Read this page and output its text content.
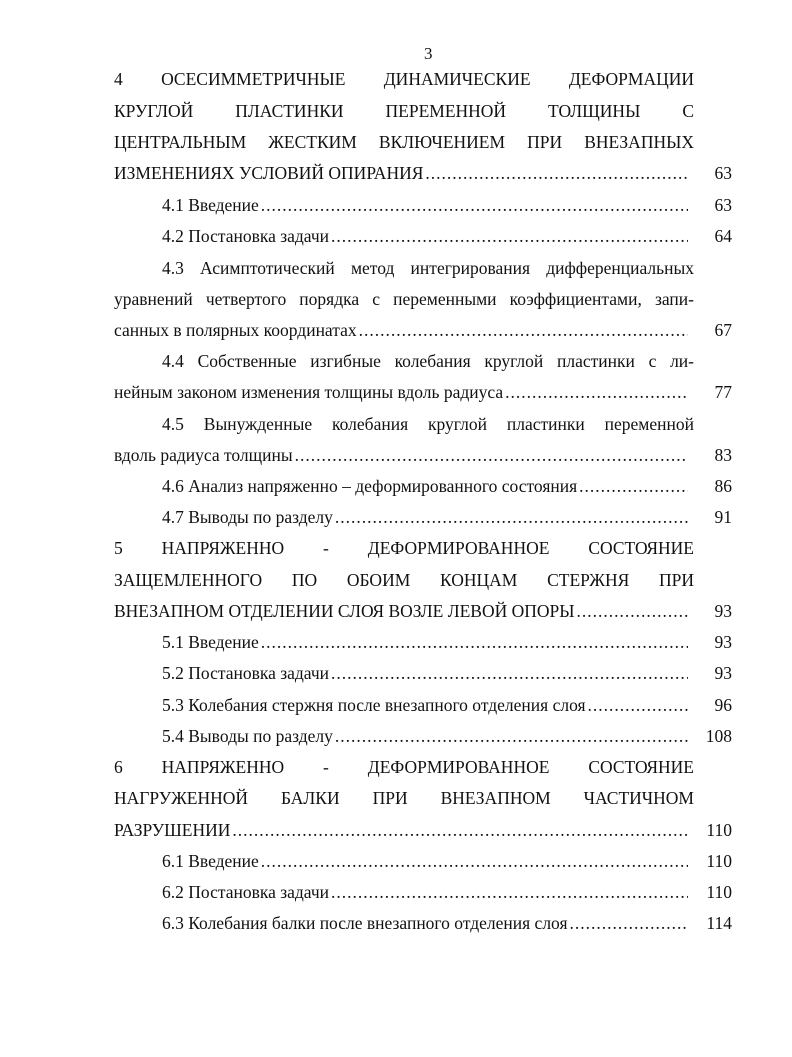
3
4 ОСЕСИММЕТРИЧНЫЕ ДИНАМИЧЕСКИЕ ДЕФОРМАЦИИ
КРУГЛОЙ ПЛАСТИНКИ ПЕРЕМЕННОЙ ТОЛЩИНЫ С
ЦЕНТРАЛЬНЫМ ЖЕСТКИМ ВКЛЮЧЕНИЕМ ПРИ ВНЕЗАПНЫХ
ИЗМЕНЕНИЯХ УСЛОВИЙ ОПИРАНИЯ .....	63
4.1 Введение .....	63
4.2 Постановка задачи .....	64
4.3 Асимптотический метод интегрирования дифференциальных
уравнений четвертого порядка с переменными коэффициентами, запи-
санных в полярных координатах .....	67
4.4 Собственные изгибные колебания круглой пластинки с ли-
нейным законом изменения толщины вдоль радиуса .....	77
4.5 Вынужденные колебания круглой пластинки переменной
вдоль радиуса толщины .....	83
4.6 Анализ напряженно – деформированного состояния .....	86
4.7 Выводы по разделу .....	91
5 НАПРЯЖЕННО - ДЕФОРМИРОВАННОЕ СОСТОЯНИЕ
ЗАЩЕМЛЕННОГО ПО ОБОИМ КОНЦАМ СТЕРЖНЯ ПРИ
ВНЕЗАПНОМ ОТДЕЛЕНИИ СЛОЯ ВОЗЛЕ ЛЕВОЙ ОПОРЫ .....	93
5.1 Введение .....	93
5.2 Постановка задачи .....	93
5.3 Колебания стержня после внезапного отделения слоя .....	96
5.4 Выводы по разделу .....	108
6 НАПРЯЖЕННО - ДЕФОРМИРОВАННОЕ СОСТОЯНИЕ
НАГРУЖЕННОЙ БАЛКИ ПРИ ВНЕЗАПНОМ ЧАСТИЧНОМ
РАЗРУШЕНИИ .....	110
6.1 Введение .....	110
6.2 Постановка задачи .....	110
6.3 Колебания балки после внезапного отделения слоя .....	114
